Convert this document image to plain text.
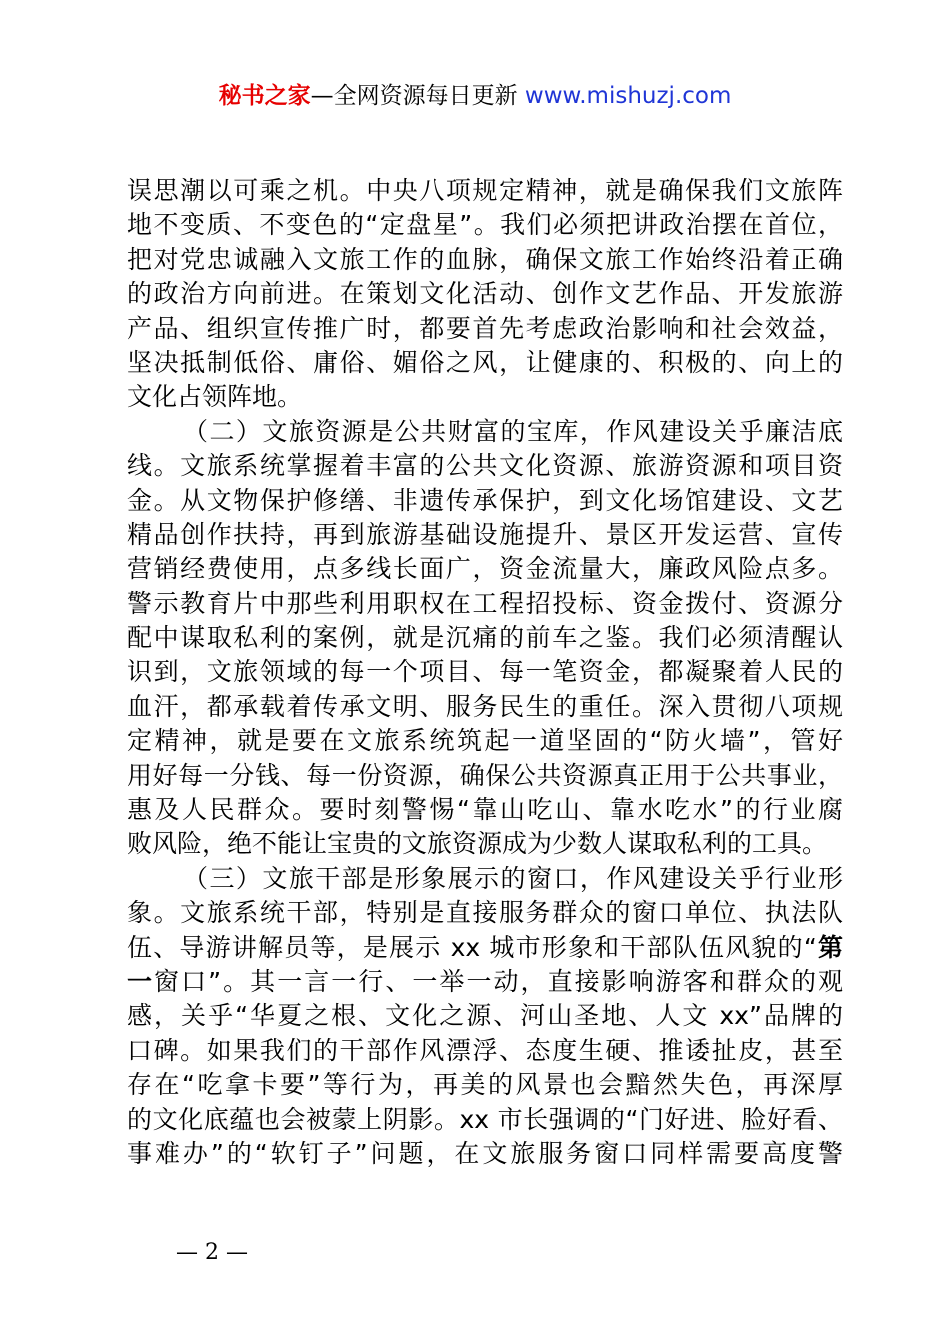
秘书之家—全网资源每日更新 www.mishuzj.com
误思潮以可乘之机。中央八项规定精神，就是确保我们文旅阵
地不变质、不变色的“定盘星”。我们必须把讲政治摆在首位，
把对党忠诚融入文旅工作的血脉，确保文旅工作始终沿着正确
的政治方向前进。在策划文化活动、创作文艺作品、开发旅游
产品、组织宣传推广时，都要首先考虑政治影响和社会效益，
坚决抵制低俗、庸俗、媚俗之风，让健康的、积极的、向上的
文化占领阵地。
（二）文旅资源是公共财富的宝库，作风建设关乎廉洁底
线。文旅系统掌握着丰富的公共文化资源、旅游资源和项目资
金。从文物保护修缮、非遗传承保护，到文化场馆建设、文艺
精品创作扶持，再到旅游基础设施提升、景区开发运营、宣传
营销经费使用，点多线长面广，资金流量大，廉政风险点多。
警示教育片中那些利用职权在工程招投标、资金拨付、资源分
配中谋取私利的案例，就是沉痛的前车之鉴。我们必须清醒认
识到，文旅领域的每一个项目、每一笔资金，都凝聚着人民的
血汗，都承载着传承文明、服务民生的重任。深入贯彻八项规
定精神，就是要在文旅系统筑起一道坚固的“防火墙”，管好
用好每一分钱、每一份资源，确保公共资源真正用于公共事业，
惠及人民群众。要时刻警惕“靠山吃山、靠水吃水”的行业腐
败风险，绝不能让宝贵的文旅资源成为少数人谋取私利的工具。
（三）文旅干部是形象展示的窗口，作风建设关乎行业形
象。文旅系统干部，特别是直接服务群众的窗口单位、执法队
伍、导游讲解员等，是展示 xx 城市形象和干部队伍风貌的“第
一窗口”。其一言一行、一举一动，直接影响游客和群众的观
感，关乎“华夏之根、文化之源、河山圣地、人文 xx”品牌的
口碑。如果我们的干部作风漂浮、态度生硬、推诿扯皮，甚至
存在“吃拿卡要”等行为，再美的风景也会黯然失色，再深厚
的文化底蕴也会被蒙上阴影。xx 市长强调的“门好进、脸好看、
事难办”的“软钉子”问题，在文旅服务窗口同样需要高度警
— 2 —
